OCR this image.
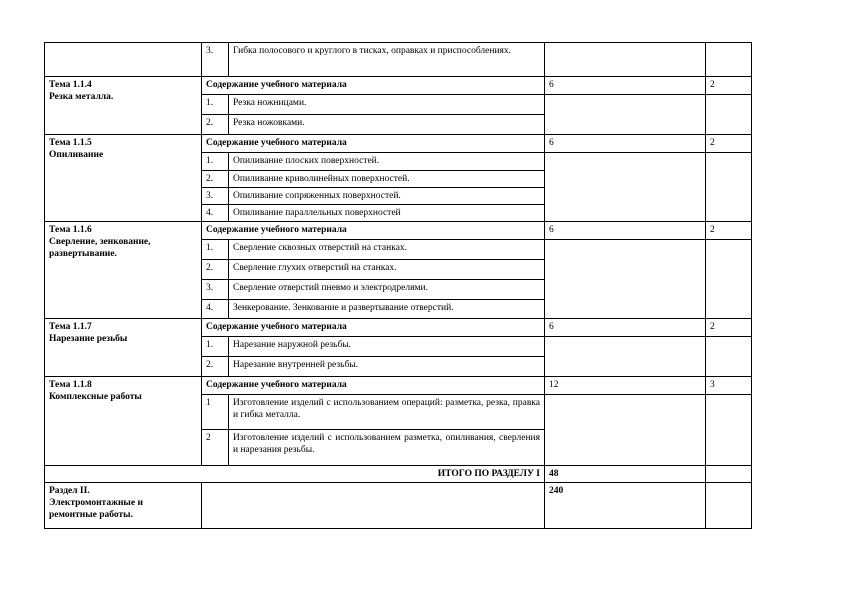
	3.	Гибка полосового и круглого в тисках, оправках и приспособлениях.		

Тема 1.1.4
Резка металла.	Содержание учебного материала		6	2
	1.	Резка ножницами.		
	2.	Резка ножовками.		

Тема 1.1.5
Опиливание	Содержание учебного материала		6	2
	1.	Опиливание плоских поверхностей.		
	2.	Опиливание криволинейных поверхностей.		
	3.	Опиливание сопряженных поверхностей.		
	4.	Опиливание параллельных поверхностей		

Тема 1.1.6
Сверление, зенкование, развертывание.	Содержание учебного материала		6	2
	1.	Сверление сквозных отверстий на станках.		
	2.	Сверление глухих отверстий на станках.		
	3.	Сверление отверстий пневмо и электродрелями.		
	4.	Зенкерование. Зенкование и развертывание отверстий.		

Тема 1.1.7
Нарезание резьбы	Содержание учебного материала		6	2
	1.	Нарезание наружной резьбы.		
	2.	Нарезание внутренней резьбы.		

Тема 1.1.8
Комплексные работы	Содержание учебного материала		12	3
	1	Изготовление изделий с использованием операций: разметка, резка, правка и гибка металла.		
	2	Изготовление изделий с использованием разметка, опиливания, сверления и нарезания резьбы.		
ИТОГО ПО РАЗДЕЛУ I			48	

Раздел II.
Электромонтажные и
ремонтные работы.			240	
